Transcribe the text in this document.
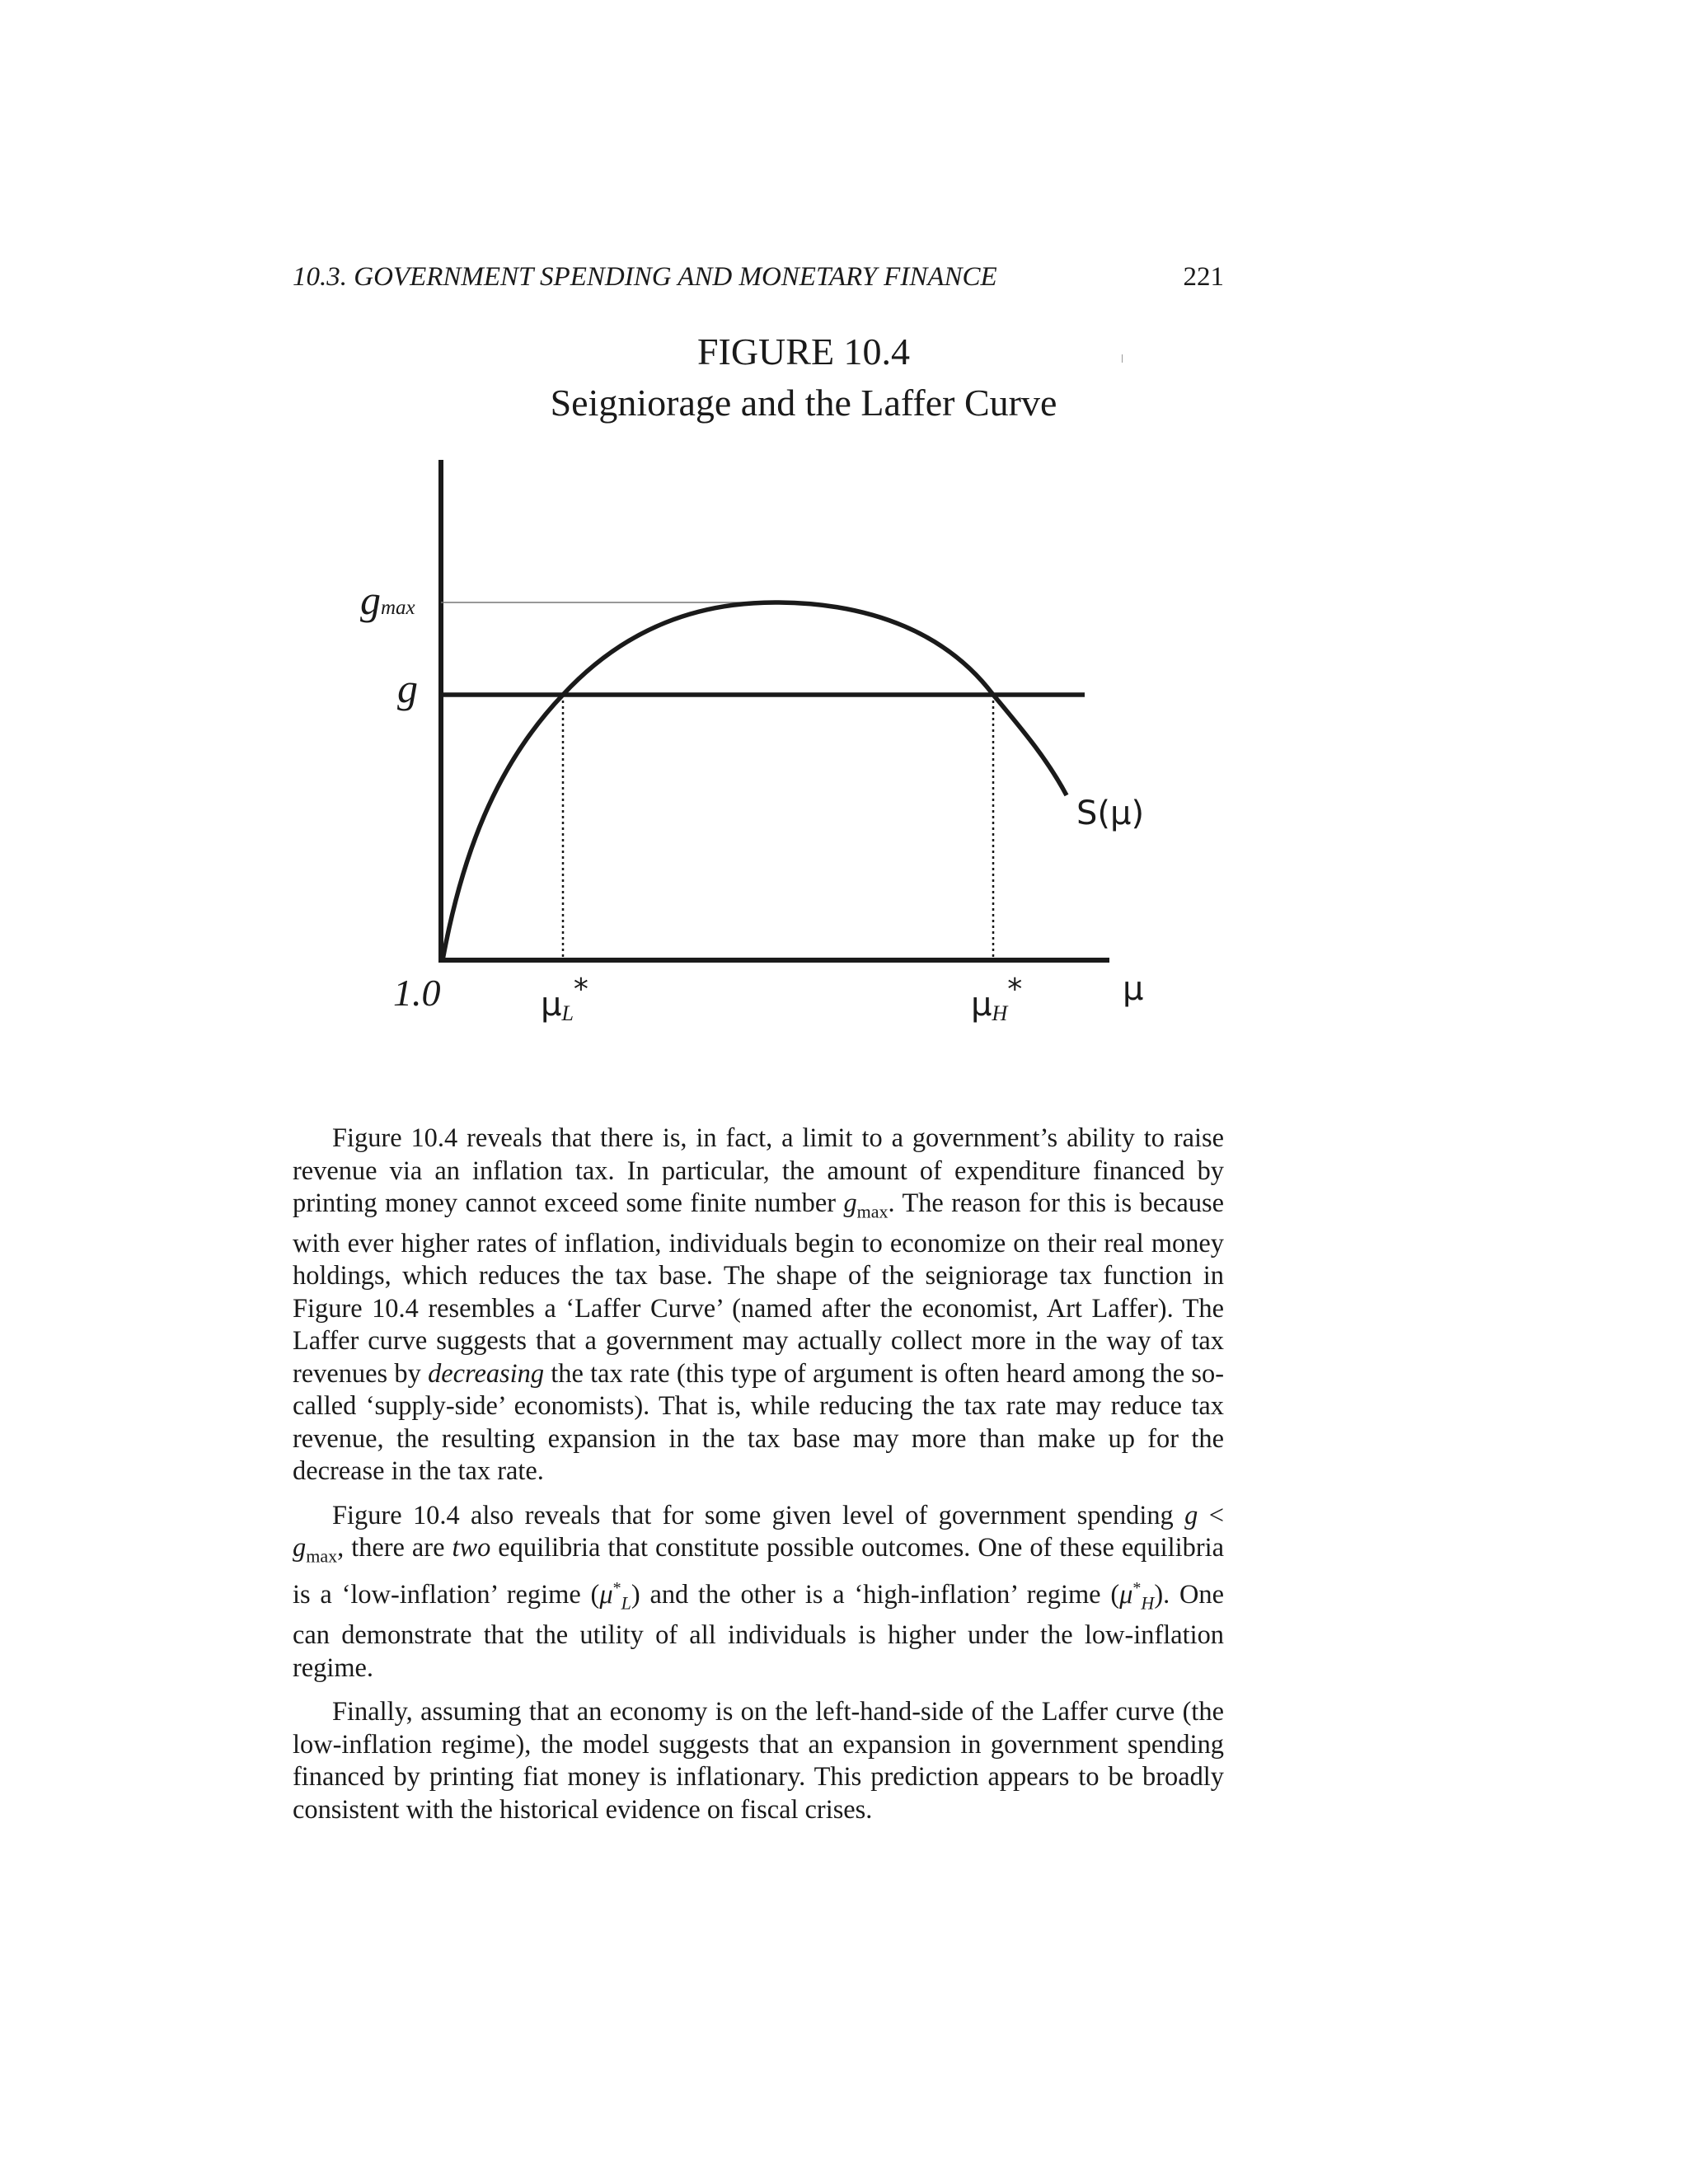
10.3. GOVERNMENT SPENDING AND MONETARY FINANCE	221
FIGURE 10.4
Seigniorage and the Laffer Curve
gmax
g
1.0	μL*	μH*	μ
S(μ)

Figure 10.4 reveals that there is, in fact, a limit to a government’s ability to raise revenue via an inflation tax. In particular, the amount of expenditure financed by printing money cannot exceed some finite number $g_{max}$. The reason for this is because with ever higher rates of inflation, individuals begin to economize on their real money holdings, which reduces the tax base. The shape of the seigniorage tax function in Figure 10.4 resembles a ‘Laffer Curve’ (named after the economist, Art Laffer). The Laffer curve suggests that a government may actually collect more in the way of tax revenues by decreasing the tax rate (this type of argument is often heard among the so-called ‘supply-side’ economists). That is, while reducing the tax rate may reduce tax revenue, the resulting expansion in the tax base may more than make up for the decrease in the tax rate.

Figure 10.4 also reveals that for some given level of government spending $g < g_{max}$, there are two equilibria that constitute possible outcomes. One of these equilibria is a ‘low-inflation’ regime $(\mu^*_L)$ and the other is a ‘high-inflation’ regime $(\mu^*_H)$. One can demonstrate that the utility of all individuals is higher under the low-inflation regime.

Finally, assuming that an economy is on the left-hand-side of the Laffer curve (the low-inflation regime), the model suggests that an expansion in government spending financed by printing fiat money is inflationary. This prediction appears to be broadly consistent with the historical evidence on fiscal crises.
